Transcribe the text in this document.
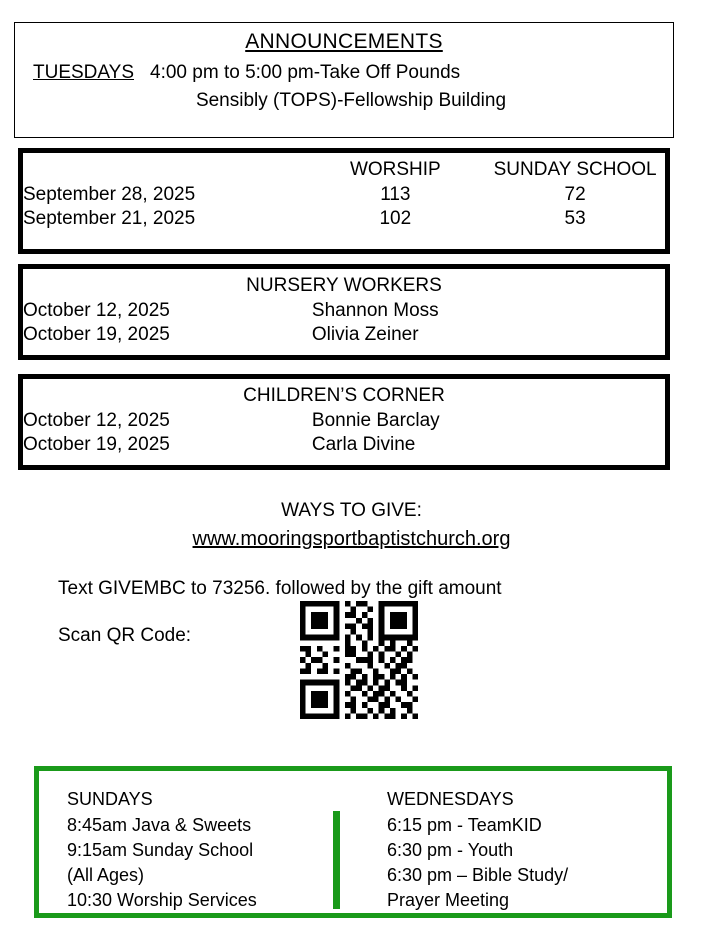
ANNOUNCEMENTS
TUESDAYS 4:00 pm to 5:00 pm-Take Off Pounds
Sensibly (TOPS)-Fellowship Building
	WORSHIP	SUNDAY SCHOOL
September 28, 2025	113	72
September 21, 2025	102	53
NURSERY WORKERS
October 12, 2025	Shannon Moss
October 19, 2025	Olivia Zeiner
CHILDREN’S CORNER
October 12, 2025	Bonnie Barclay
October 19, 2025	Carla Divine
WAYS TO GIVE:
www.mooringsportbaptistchurch.org
Text GIVEMBC to 73256. followed by the gift amount
Scan QR Code:
SUNDAYS
8:45am Java & Sweets
9:15am Sunday School
(All Ages)
10:30 Worship Services
WEDNESDAYS
6:15 pm - TeamKID
6:30 pm - Youth
6:30 pm – Bible Study/
Prayer Meeting
